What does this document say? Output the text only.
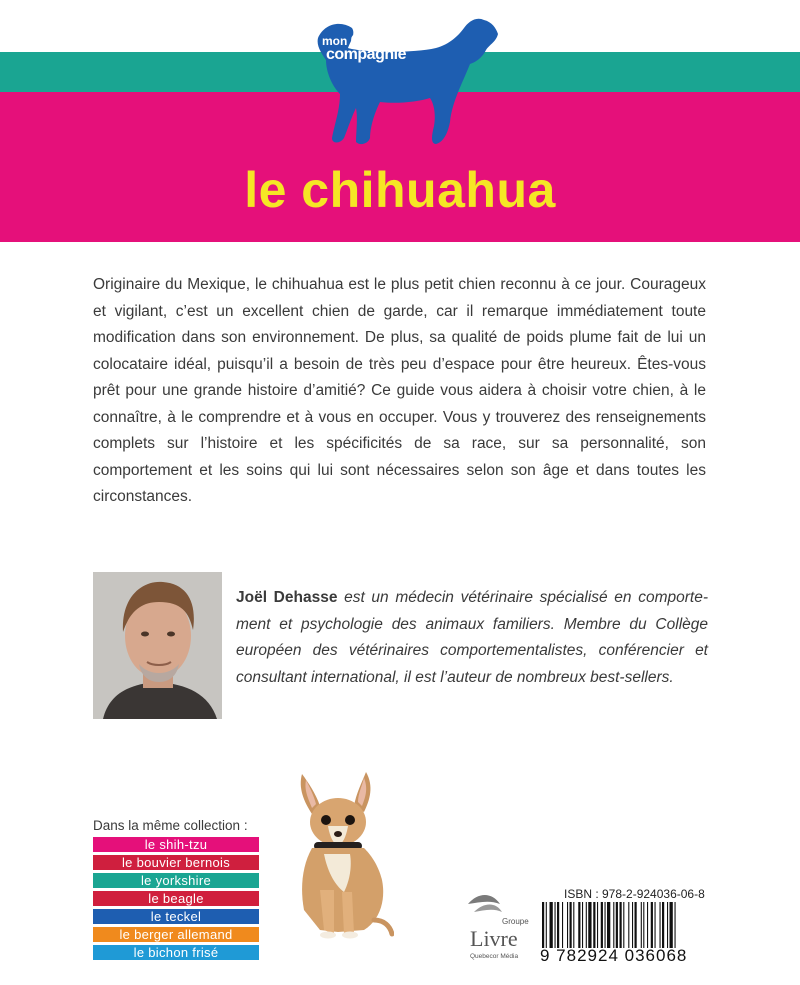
mon chien de
compagnie
le chihuahua

Originaire du Mexique, le chihuahua est le plus petit chien reconnu à ce jour. Courageux et vigilant, c’est un excellent chien de garde, car il remarque immédiatement toute modification dans son environnement. De plus, sa qualité de poids plume fait de lui un colocataire idéal, puisqu’il a besoin de très peu d’espace pour être heureux. Êtes-vous prêt pour une grande histoire d’amitié? Ce guide vous aidera à choisir votre chien, à le connaître, à le comprendre et à vous en occuper. Vous y trouverez des renseignements complets sur l’histoire et les spécificités de sa race, sur sa personnalité, son comportement et les soins qui lui sont nécessaires selon son âge et dans toutes les circonstances.

Joël Dehasse est un médecin vétérinaire spécialisé en comportement et psychologie des animaux familiers. Membre du Collège européen des vétérinaires comportementalistes, conférencier et consultant international, il est l’auteur de nombreux best-sellers.

Dans la même collection :

le shih-tzu
le bouvier bernois
le yorkshire
le beagle
le teckel
le berger allemand
le bichon frisé
Groupe
Livre
Quebecor Média

ISBN : 978-2-924036-06-8

9 782924 036068
